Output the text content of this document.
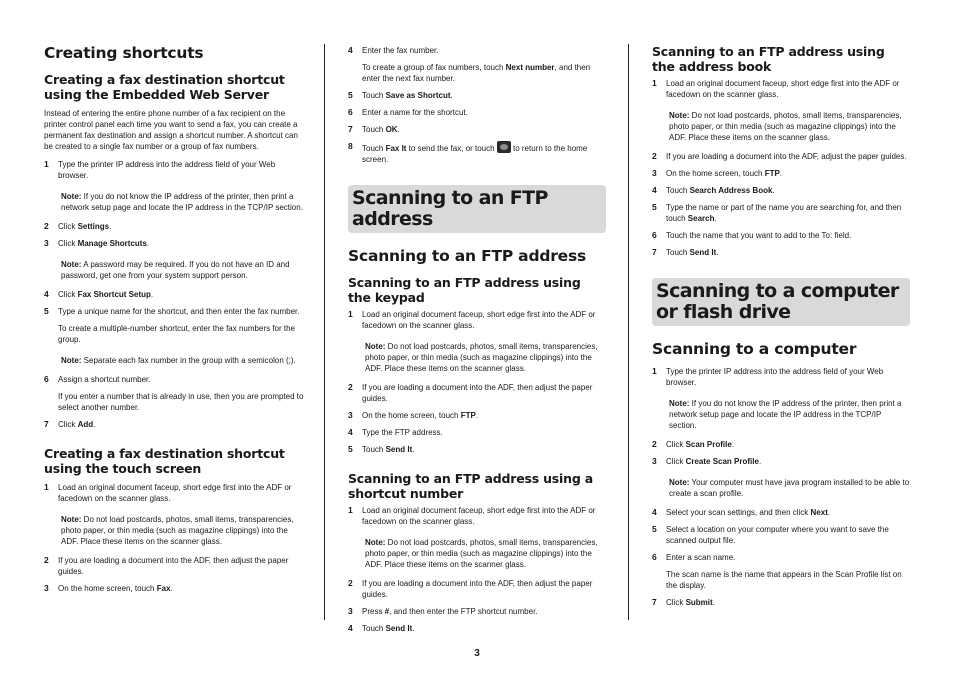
Creating shortcuts
Creating a fax destination shortcut using the Embedded Web Server

Instead of entering the entire phone number of a fax recipient on the printer control panel each time you want to send a fax, you can create a permanent fax destination and assign a shortcut number. A shortcut can be created to a single fax number or a group of fax numbers.

1	Type the printer IP address into the address field of your Web browser.
Note: If you do not know the IP address of the printer, then print a network setup page and locate the IP address in the TCP/IP section.
2	Click Settings.
3	Click Manage Shortcuts.
Note: A password may be required. If you do not have an ID and password, get one from your system support person.
4	Click Fax Shortcut Setup.
5	Type a unique name for the shortcut, and then enter the fax number.
To create a multiple-number shortcut, enter the fax numbers for the group.
Note: Separate each fax number in the group with a semicolon (;).
6	Assign a shortcut number.
If you enter a number that is already in use, then you are prompted to select another number.
7	Click Add.
Creating a fax destination shortcut using the touch screen
1	Load an original document faceup, short edge first into the ADF or facedown on the scanner glass.
Note: Do not load postcards, photos, small items, transparencies, photo paper, or thin media (such as magazine clippings) into the ADF. Place these items on the scanner glass.
2	If you are loading a document into the ADF, then adjust the paper guides.
3	On the home screen, touch Fax.
4	Enter the fax number.
To create a group of fax numbers, touch Next number, and then enter the next fax number.
5	Touch Save as Shortcut.
6	Enter a name for the shortcut.
7	Touch OK.
8	Touch Fax It to send the fax, or touch  to return to the home screen.
Scanning to an FTP address
Scanning to an FTP address
Scanning to an FTP address using the keypad
1	Load an original document faceup, short edge first into the ADF or facedown on the scanner glass.
Note: Do not load postcards, photos, small items, transparencies, photo paper, or thin media (such as magazine clippings) into the ADF. Place these items on the scanner glass.
2	If you are loading a document into the ADF, then adjust the paper guides.
3	On the home screen, touch FTP.
4	Type the FTP address.
5	Touch Send It.
Scanning to an FTP address using a shortcut number
1	Load an original document faceup, short edge first into the ADF or facedown on the scanner glass.
Note: Do not load postcards, photos, small items, transparencies, photo paper, or thin media (such as magazine clippings) into the ADF. Place these items on the scanner glass.
2	If you are loading a document into the ADF, then adjust the paper guides.
3	Press #, and then enter the FTP shortcut number.
4	Touch Send It.
Scanning to an FTP address using the address book
1	Load an original document faceup, short edge first into the ADF or facedown on the scanner glass.
Note: Do not load postcards, photos, small items, transparencies, photo paper, or thin media (such as magazine clippings) into the ADF. Place these items on the scanner glass.
2	If you are loading a document into the ADF, adjust the paper guides.
3	On the home screen, touch FTP.
4	Touch Search Address Book.
5	Type the name or part of the name you are searching for, and then touch Search.
6	Touch the name that you want to add to the To: field.
7	Touch Send It.
Scanning to a computer or flash drive
Scanning to a computer
1	Type the printer IP address into the address field of your Web browser.
Note: If you do not know the IP address of the printer, then print a network setup page and locate the IP address in the TCP/IP section.
2	Click Scan Profile.
3	Click Create Scan Profile.
Note: Your computer must have java program installed to be able to create a scan profile.
4	Select your scan settings, and then click Next.
5	Select a location on your computer where you want to save the scanned output file.
6	Enter a scan name.
The scan name is the name that appears in the Scan Profile list on the display.
7	Click Submit.
3
